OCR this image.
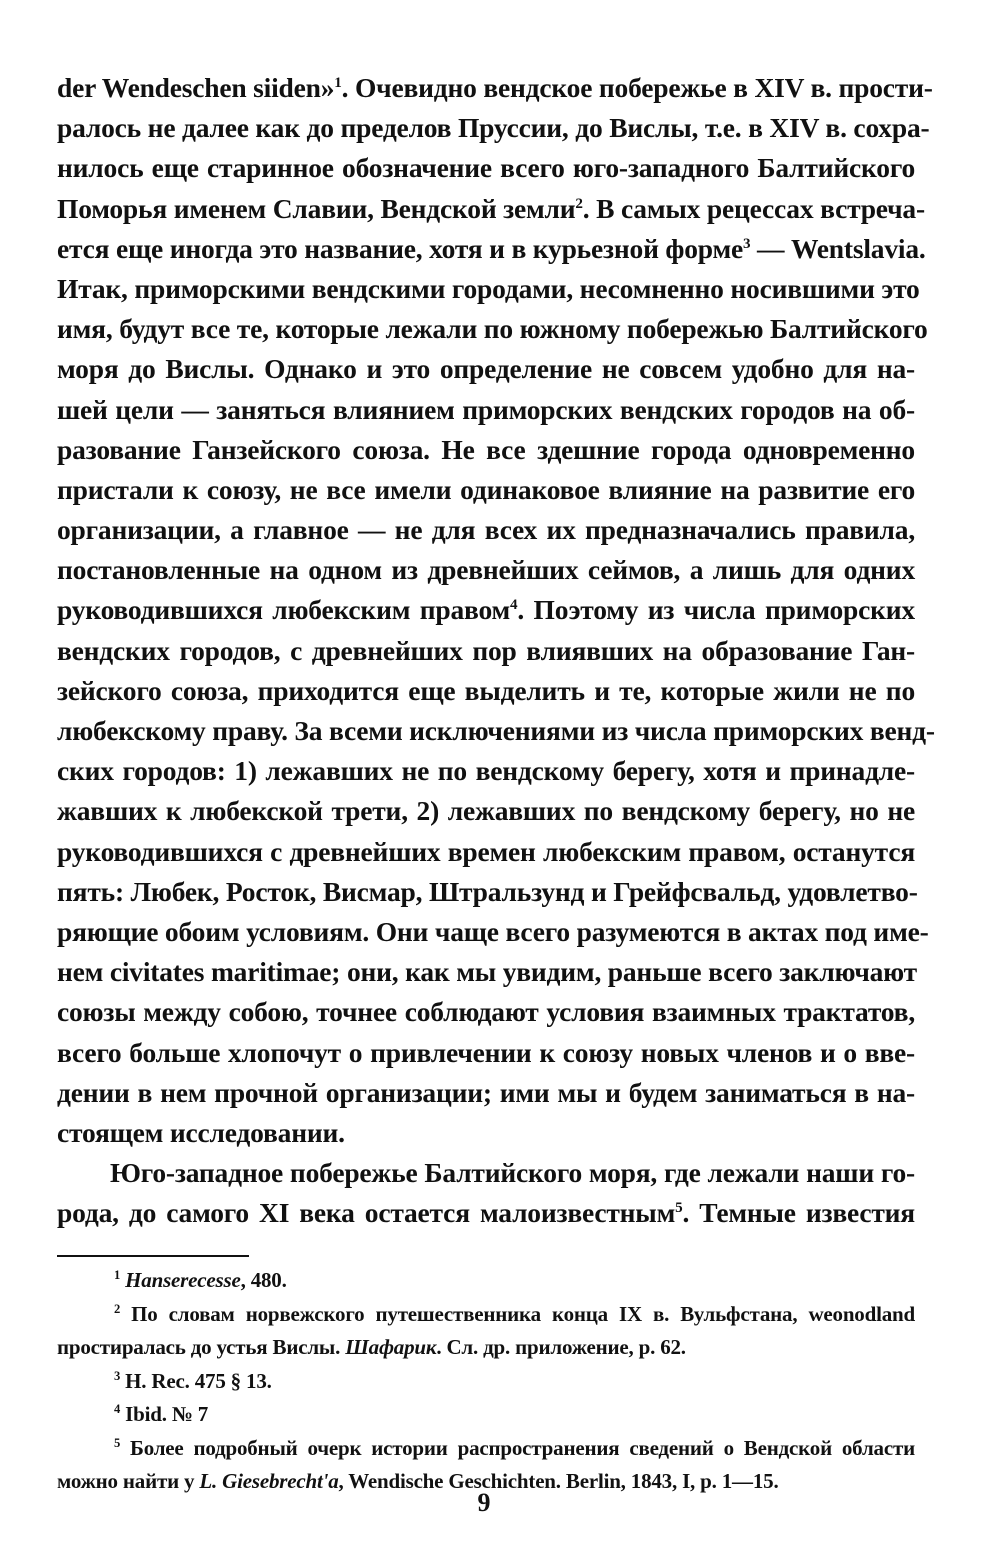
der Wendeschen siiden»$^1$. Очевидно вендское побережье в XIV в. прости-
ралось не далее как до пределов Пруссии, до Вислы, т.е. в XIV в. сохра-
нилось еще старинное обозначение всего юго-западного Балтийского
Поморья именем Славии, Вендской земли$^2$. В самых рецессах встреча-
ется еще иногда это название, хотя и в курьезной форме$^3$ — Wentslavia.
Итак, приморскими вендскими городами, несомненно носившими это
имя, будут все те, которые лежали по южному побережью Балтийского
моря до Вислы. Однако и это определение не совсем удобно для на-
шей цели — заняться влиянием приморских вендских городов на об-
разование Ганзейского союза. Не все здешние города одновременно
пристали к союзу, не все имели одинаковое влияние на развитие его
организации, а главное — не для всех их предназначались правила,
постановленные на одном из древнейших сеймов, а лишь для одних
руководившихся любекским правом$^4$. Поэтому из числа приморских
вендских городов, с древнейших пор влиявших на образование Ган-
зейского союза, приходится еще выделить и те, которые жили не по
любекскому праву. За всеми исключениями из числа приморских венд-
ских городов: 1) лежавших не по вендскому берегу, хотя и принадле-
жавших к любекской трети, 2) лежавших по вендскому берегу, но не
руководившихся с древнейших времен любекским правом, останутся
пять: Любек, Росток, Висмар, Штральзунд и Грейфсвальд, удовлетво-
ряющие обоим условиям. Они чаще всего разумеются в актах под име-
нем civitates maritimae; они, как мы увидим, раньше всего заключают
союзы между собою, точнее соблюдают условия взаимных трактатов,
всего больше хлопочут о привлечении к союзу новых членов и о вве-
дении в нем прочной организации; ими мы и будем заниматься в на-
стоящем исследовании.
Юго-западное побережье Балтийского моря, где лежали наши го-
рода, до самого XI века остается малоизвестным$^5$. Темные известия
$^1$ Hanserecesse, 480.
$^2$ По словам норвежского путешественника конца IX в. Вульфстана, weonodland
простиралась до устья Вислы. Шафарик. Сл. др. приложение, p. 62.
$^3$ H. Rec. 475 § 13.
$^4$ Ibid. № 7
$^5$ Более подробный очерк истории распространения сведений о Вендской области
можно найти у L. Giesebrecht'a, Wendische Geschichten. Berlin, 1843, I, p. 1—15.
9
